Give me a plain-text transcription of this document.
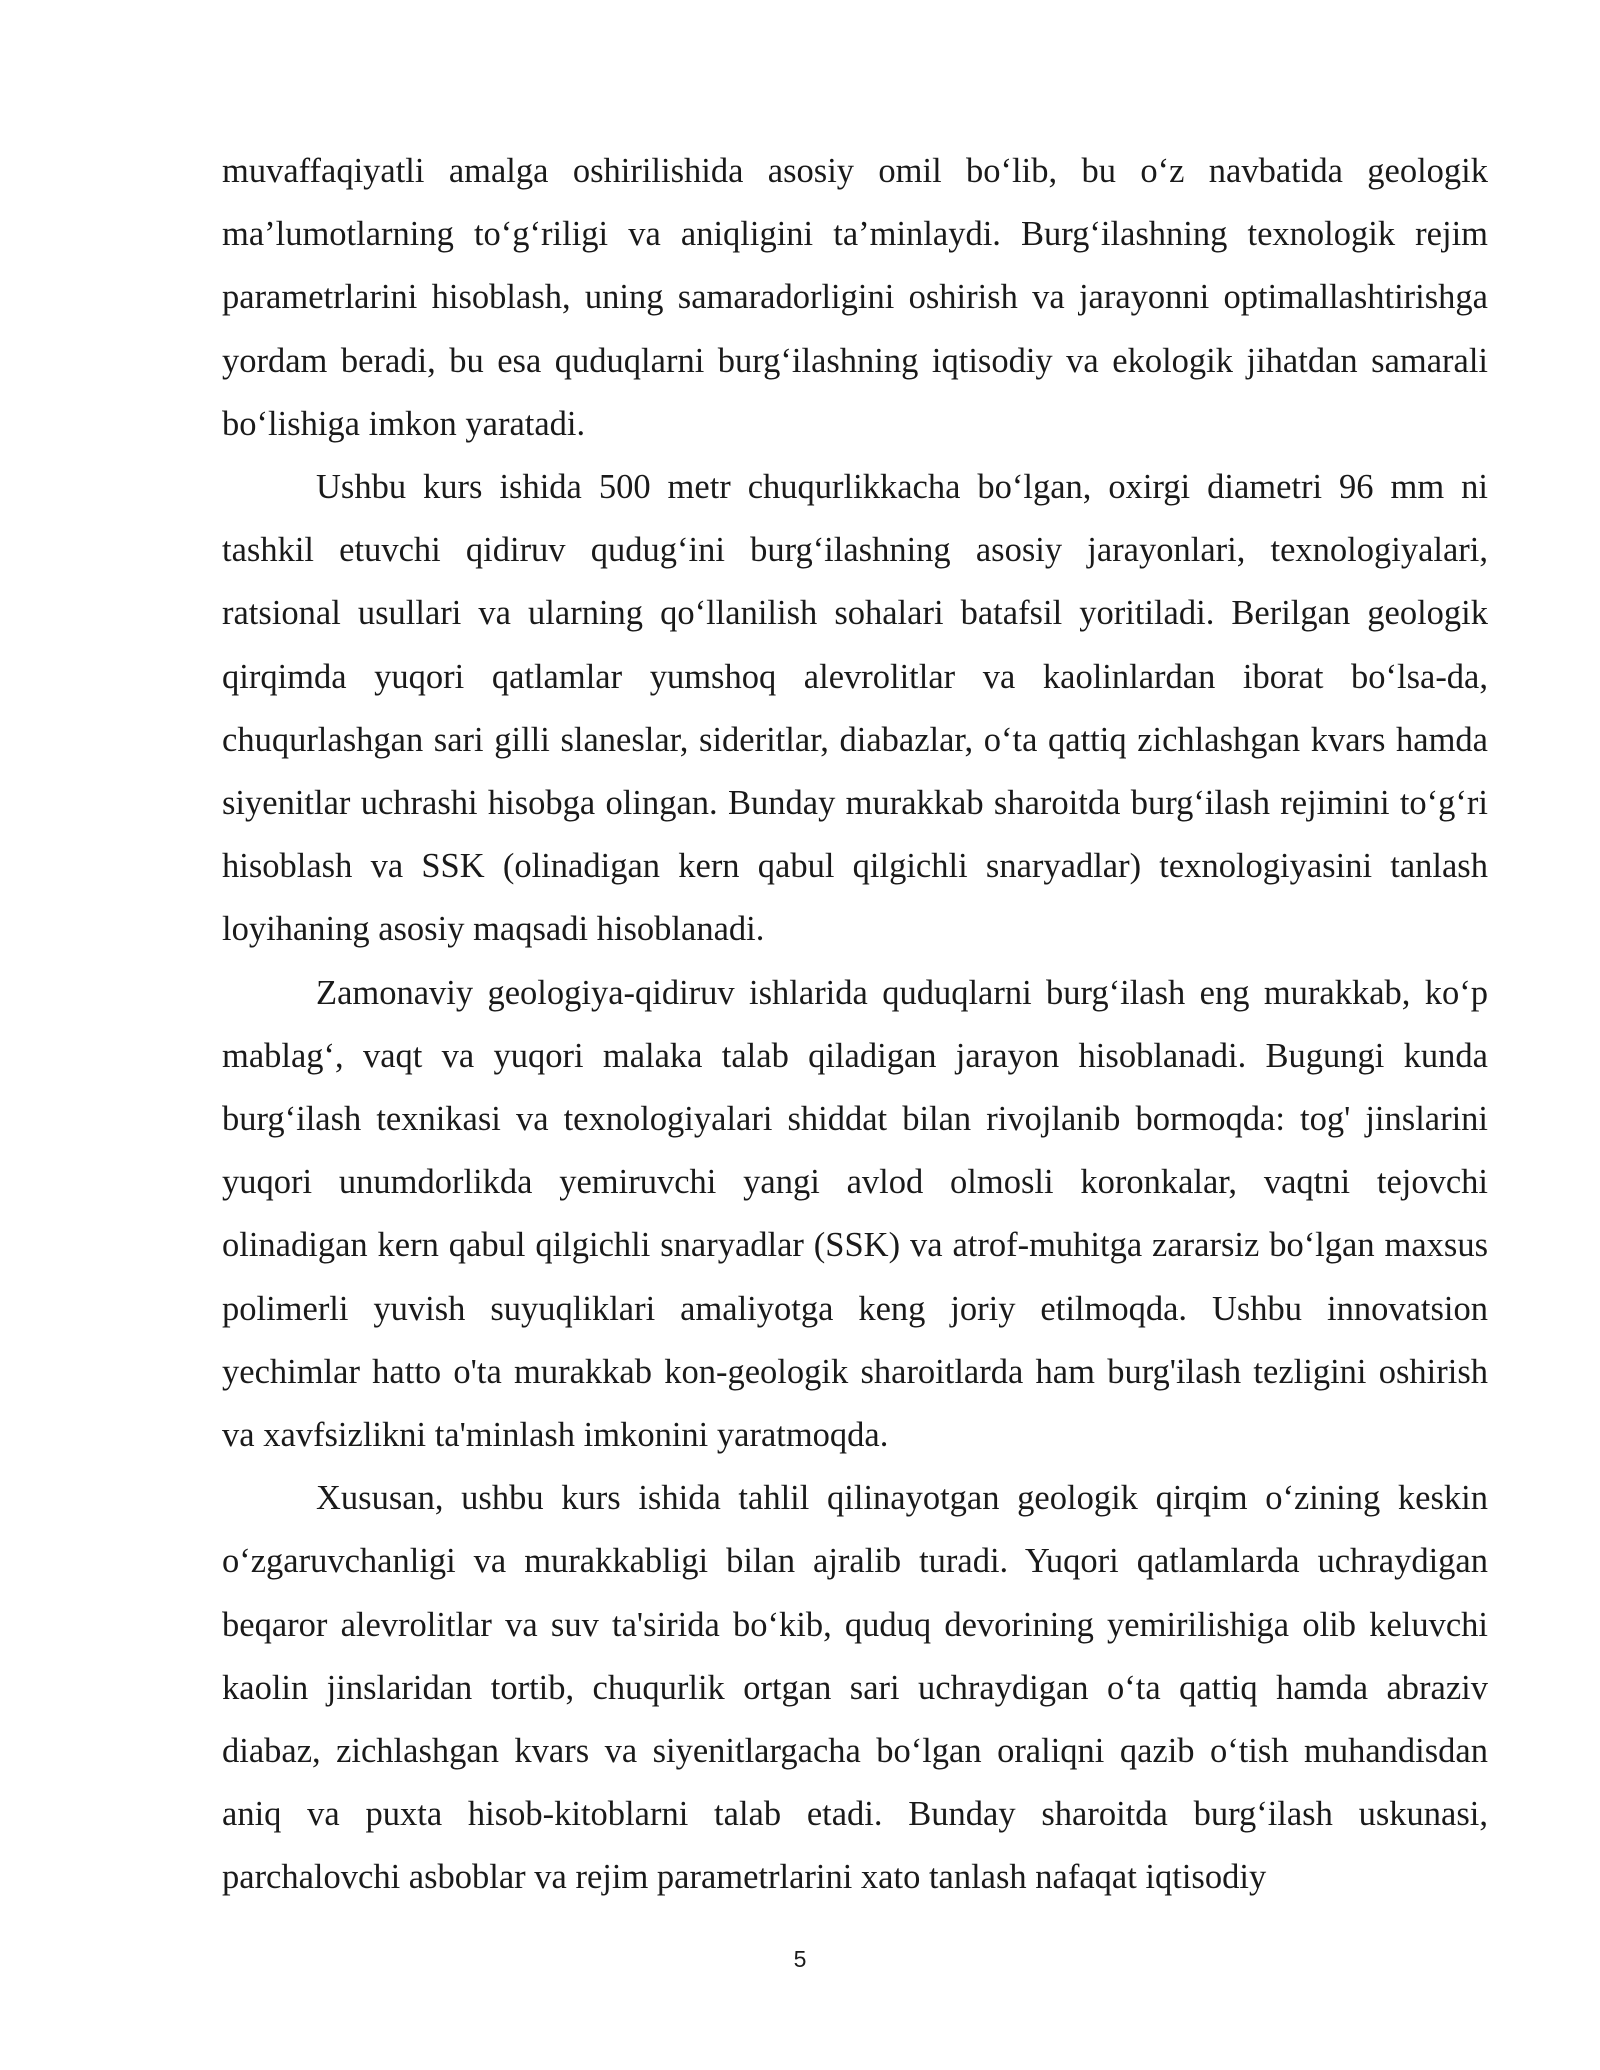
muvaffaqiyatli amalga oshirilishida asosiy omil bo‘lib, bu o‘z navbatida geologik ma’lumotlarning to‘g‘riligi va aniqligini ta’minlaydi. Burg‘ilashning texnologik rejim parametrlarini hisoblash, uning samaradorligini oshirish va jarayonni optimallashtirishga yordam beradi, bu esa quduqlarni burg‘ilashning iqtisodiy va ekologik jihatdan samarali bo‘lishiga imkon yaratadi.

Ushbu kurs ishida 500 metr chuqurlikkacha bo‘lgan, oxirgi diametri 96 mm ni tashkil etuvchi qidiruv qudug‘ini burg‘ilashning asosiy jarayonlari, texnologiyalari, ratsional usullari va ularning qo‘llanilish sohalari batafsil yoritiladi. Berilgan geologik qirqimda yuqori qatlamlar yumshoq alevrolitlar va kaolinlardan iborat bo‘lsa-da, chuqurlashgan sari gilli slaneslar, sideritlar, diabazlar, o‘ta qattiq zichlashgan kvars hamda siyenitlar uchrashi hisobga olingan. Bunday murakkab sharoitda burg‘ilash rejimini to‘g‘ri hisoblash va SSK (olinadigan kern qabul qilgichli snaryadlar) texnologiyasini tanlash loyihaning asosiy maqsadi hisoblanadi.

Zamonaviy geologiya-qidiruv ishlarida quduqlarni burg‘ilash eng murakkab, ko‘p mablag‘, vaqt va yuqori malaka talab qiladigan jarayon hisoblanadi. Bugungi kunda burg‘ilash texnikasi va texnologiyalari shiddat bilan rivojlanib bormoqda: tog' jinslarini yuqori unumdorlikda yemiruvchi yangi avlod olmosli koronkalar, vaqtni tejovchi olinadigan kern qabul qilgichli snaryadlar (SSK) va atrof-muhitga zararsiz bo‘lgan maxsus polimerli yuvish suyuqliklari amaliyotga keng joriy etilmoqda. Ushbu innovatsion yechimlar hatto o'ta murakkab kon-geologik sharoitlarda ham burg'ilash tezligini oshirish va xavfsizlikni ta'minlash imkonini yaratmoqda.

Xususan, ushbu kurs ishida tahlil qilinayotgan geologik qirqim o‘zining keskin o‘zgaruvchanligi va murakkabligi bilan ajralib turadi. Yuqori qatlamlarda uchraydigan beqaror alevrolitlar va suv ta'sirida bo‘kib, quduq devorining yemirilishiga olib keluvchi kaolin jinslaridan tortib, chuqurlik ortgan sari uchraydigan o‘ta qattiq hamda abraziv diabaz, zichlashgan kvars va siyenitlargacha bo‘lgan oraliqni qazib o‘tish muhandisdan aniq va puxta hisob-kitoblarni talab etadi. Bunday sharoitda burg‘ilash uskunasi, parchalovchi asboblar va rejim parametrlarini xato tanlash nafaqat iqtisodiy

5
